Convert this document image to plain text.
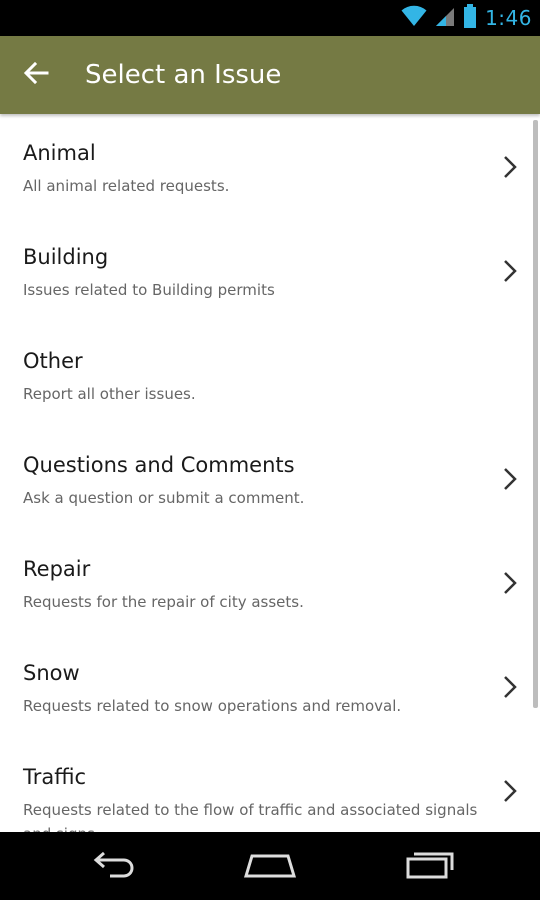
1:46
Select an Issue
Animal
All animal related requests.
Building
Issues related to Building permits
Other
Report all other issues.
Questions and Comments
Ask a question or submit a comment.
Repair
Requests for the repair of city assets.
Snow
Requests related to snow operations and removal.
Traffic
Requests related to the flow of traffic and associated signals
